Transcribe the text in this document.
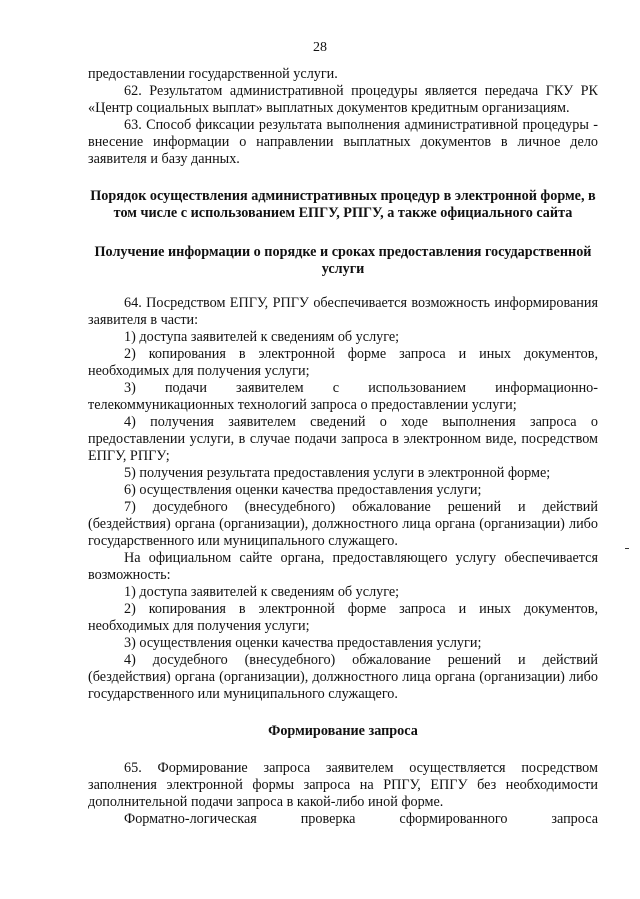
28

предоставлении государственной услуги.

62. Результатом административной процедуры является передача ГКУ РК «Центр социальных выплат» выплатных документов кредитным организациям.

63. Способ фиксации результата выполнения административной процедуры - внесение информации о направлении выплатных документов в личное дело заявителя и базу данных.

Порядок осуществления административных процедур в электронной форме, в том числе с использованием ЕПГУ, РПГУ, а также официального сайта

Получение информации о порядке и сроках предоставления государственной услуги

64. Посредством ЕПГУ, РПГУ обеспечивается возможность информирования заявителя в части:

1) доступа заявителей к сведениям об услуге;

2) копирования в электронной форме запроса и иных документов, необходимых для получения услуги;

3) подачи заявителем с использованием информационно-телекоммуникационных технологий запроса о предоставлении услуги;

4) получения заявителем сведений о ходе выполнения запроса о предоставлении услуги, в случае подачи запроса в электронном виде, посредством ЕПГУ, РПГУ;

5) получения результата предоставления услуги в электронной форме;

6) осуществления оценки качества предоставления услуги;

7) досудебного (внесудебного) обжалование решений и действий (бездействия) органа (организации), должностного лица органа (организации) либо государственного или муниципального служащего.

На официальном сайте органа, предоставляющего услугу обеспечивается возможность:

1) доступа заявителей к сведениям об услуге;

2) копирования в электронной форме запроса и иных документов, необходимых для получения услуги;

3) осуществления оценки качества предоставления услуги;

4) досудебного (внесудебного) обжалование решений и действий (бездействия) органа (организации), должностного лица органа (организации) либо государственного или муниципального служащего.

Формирование запроса

65. Формирование запроса заявителем осуществляется посредством заполнения электронной формы запроса на РПГУ, ЕПГУ без необходимости дополнительной подачи запроса в какой-либо иной форме.

Форматно-логическая проверка сформированного запроса
